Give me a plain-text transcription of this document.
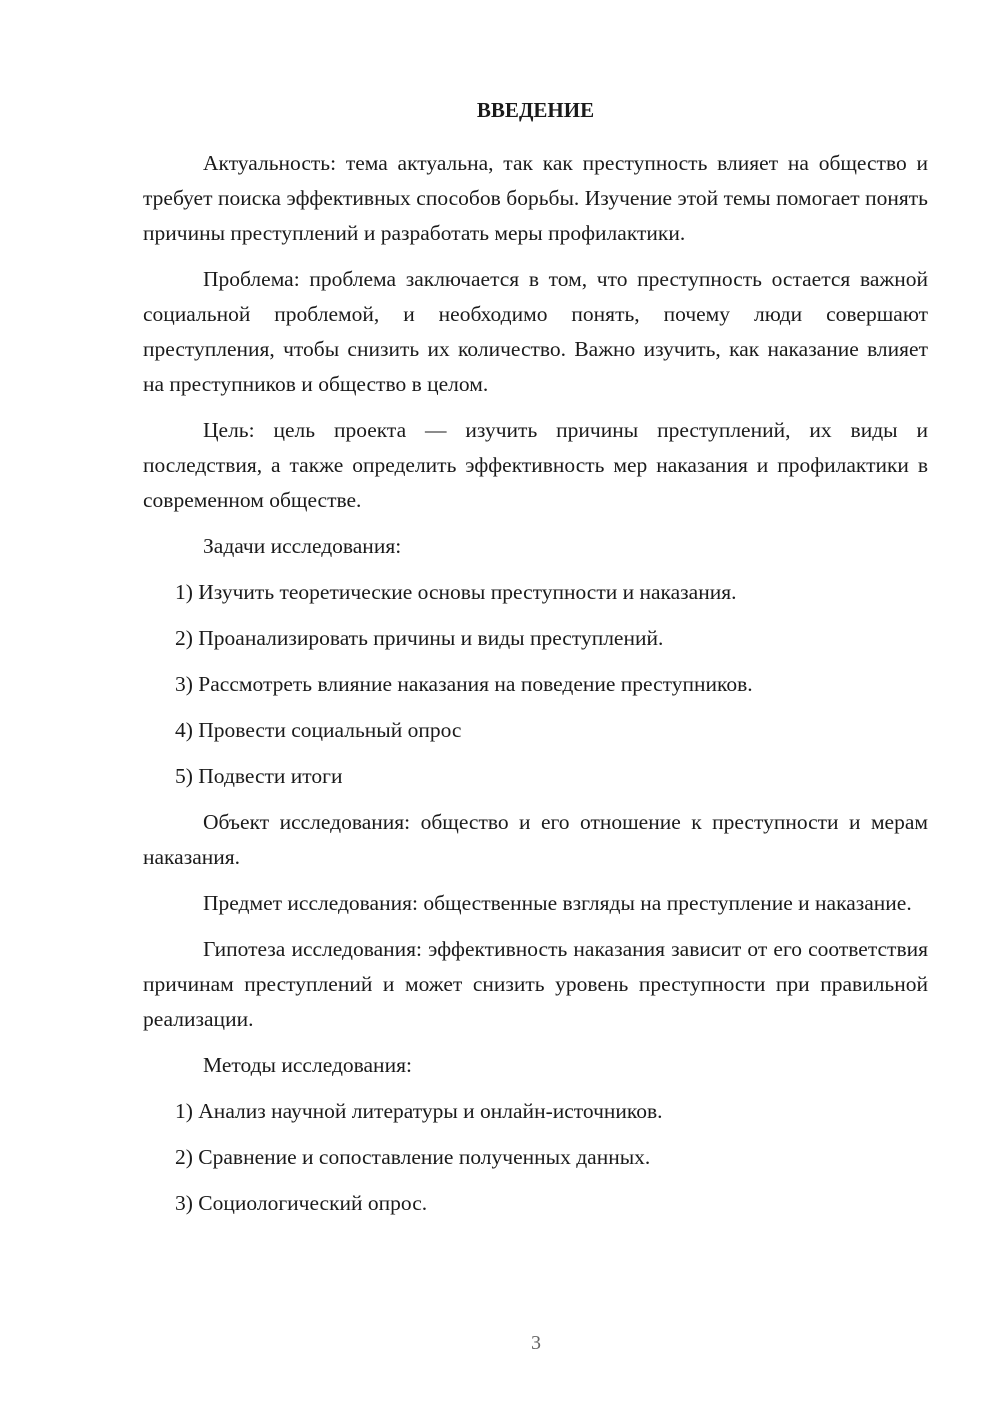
ВВЕДЕНИЕ

Актуальность: тема актуальна, так как преступность влияет на общество и требует поиска эффективных способов борьбы. Изучение этой темы помогает понять причины преступлений и разработать меры профилактики.

Проблема: проблема заключается в том, что преступность остается важной социальной проблемой, и необходимо понять, почему люди совершают преступления, чтобы снизить их количество. Важно изучить, как наказание влияет на преступников и общество в целом.

Цель: цель проекта — изучить причины преступлений, их виды и последствия, а также определить эффективность мер наказания и профилактики в современном обществе.

Задачи исследования:

1) Изучить теоретические основы преступности и наказания.

2) Проанализировать причины и виды преступлений.

3) Рассмотреть влияние наказания на поведение преступников.

4) Провести социальный опрос

5) Подвести итоги

Объект исследования: общество и его отношение к преступности и мерам наказания.

Предмет исследования: общественные взгляды на преступление и наказание.

Гипотеза исследования: эффективность наказания зависит от его соответствия причинам преступлений и может снизить уровень преступности при правильной реализации.

Методы исследования:

1) Анализ научной литературы и онлайн-источников.

2) Сравнение и сопоставление полученных данных.

3) Социологический опрос.

3
